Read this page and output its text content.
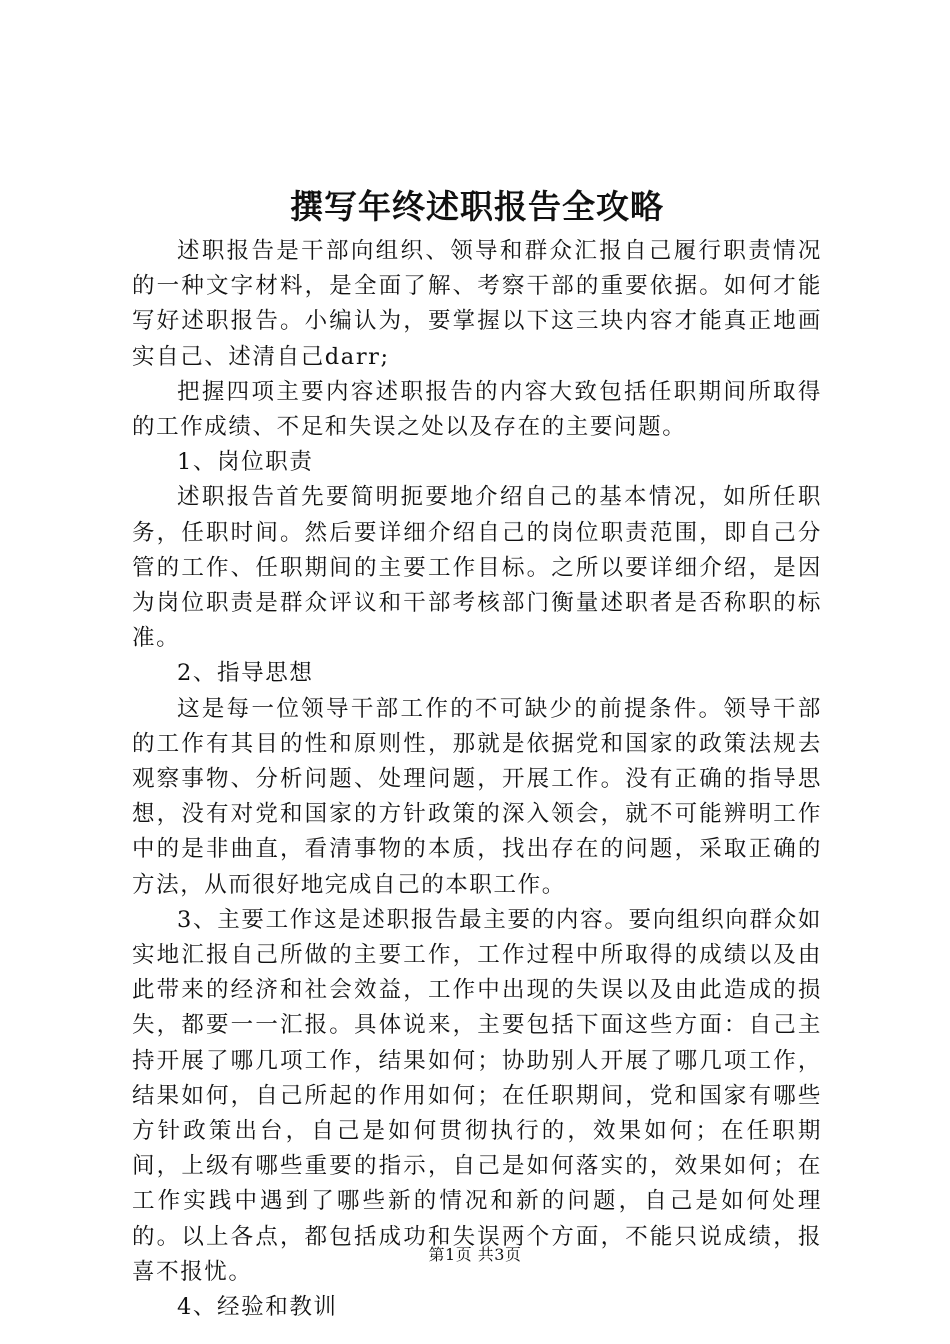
撰写年终述职报告全攻略

述职报告是干部向组织、领导和群众汇报自己履行职责情况的一种文字材料，是全面了解、考察干部的重要依据。如何才能写好述职报告。小编认为，要掌握以下这三块内容才能真正地画实自己、述清自己darr;

把握四项主要内容述职报告的内容大致包括任职期间所取得的工作成绩、不足和失误之处以及存在的主要问题。

1、岗位职责

述职报告首先要简明扼要地介绍自己的基本情况，如所任职务，任职时间。然后要详细介绍自己的岗位职责范围，即自己分管的工作、任职期间的主要工作目标。之所以要详细介绍，是因为岗位职责是群众评议和干部考核部门衡量述职者是否称职的标准。

2、指导思想

这是每一位领导干部工作的不可缺少的前提条件。领导干部的工作有其目的性和原则性，那就是依据党和国家的政策法规去观察事物、分析问题、处理问题，开展工作。没有正确的指导思想，没有对党和国家的方针政策的深入领会，就不可能辨明工作中的是非曲直，看清事物的本质，找出存在的问题，采取正确的方法，从而很好地完成自己的本职工作。

3、主要工作这是述职报告最主要的内容。要向组织向群众如实地汇报自己所做的主要工作，工作过程中所取得的成绩以及由此带来的经济和社会效益，工作中出现的失误以及由此造成的损失，都要一一汇报。具体说来，主要包括下面这些方面：自己主持开展了哪几项工作，结果如何；协助别人开展了哪几项工作，结果如何，自己所起的作用如何；在任职期间，党和国家有哪些方针政策出台，自己是如何贯彻执行的，效果如何；在任职期间，上级有哪些重要的指示，自己是如何落实的，效果如何；在工作实践中遇到了哪些新的情况和新的问题，自己是如何处理的。以上各点，都包括成功和失误两个方面，不能只说成绩，报喜不报忧。

4、经验和教训

第1页 共3页
